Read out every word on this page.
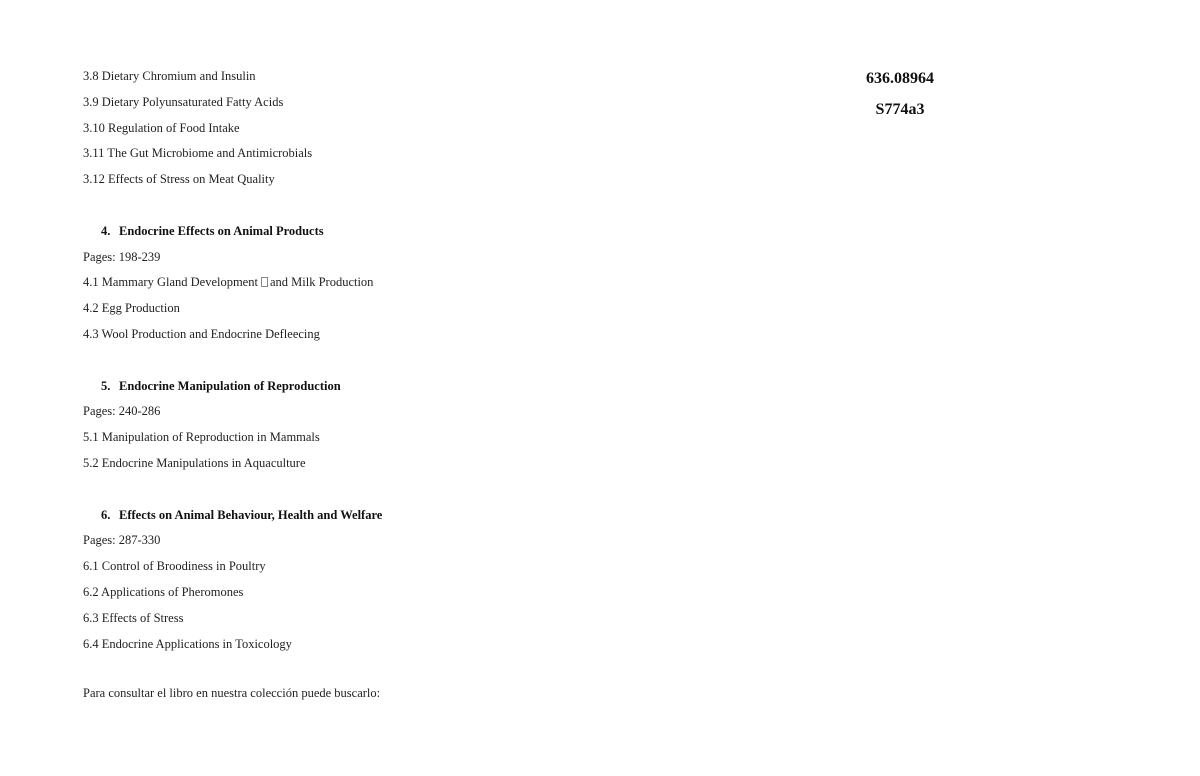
3.8 Dietary Chromium and Insulin
3.9 Dietary Polyunsaturated Fatty Acids
3.10 Regulation of Food Intake
3.11 The Gut Microbiome and Antimicrobials
3.12 Effects of Stress on Meat Quality
4. Endocrine Effects on Animal Products
Pages: 198-239
4.1 Mammary Gland Development and Milk Production
4.2 Egg Production
4.3 Wool Production and Endocrine Defleecing
5. Endocrine Manipulation of Reproduction
Pages: 240-286
5.1 Manipulation of Reproduction in Mammals
5.2 Endocrine Manipulations in Aquaculture
6. Effects on Animal Behaviour, Health and Welfare
Pages: 287-330
6.1 Control of Broodiness in Poultry
6.2 Applications of Pheromones
6.3 Effects of Stress
6.4 Endocrine Applications in Toxicology
636.08964
S774a3
Para consultar el libro en nuestra colección puede buscarlo:
